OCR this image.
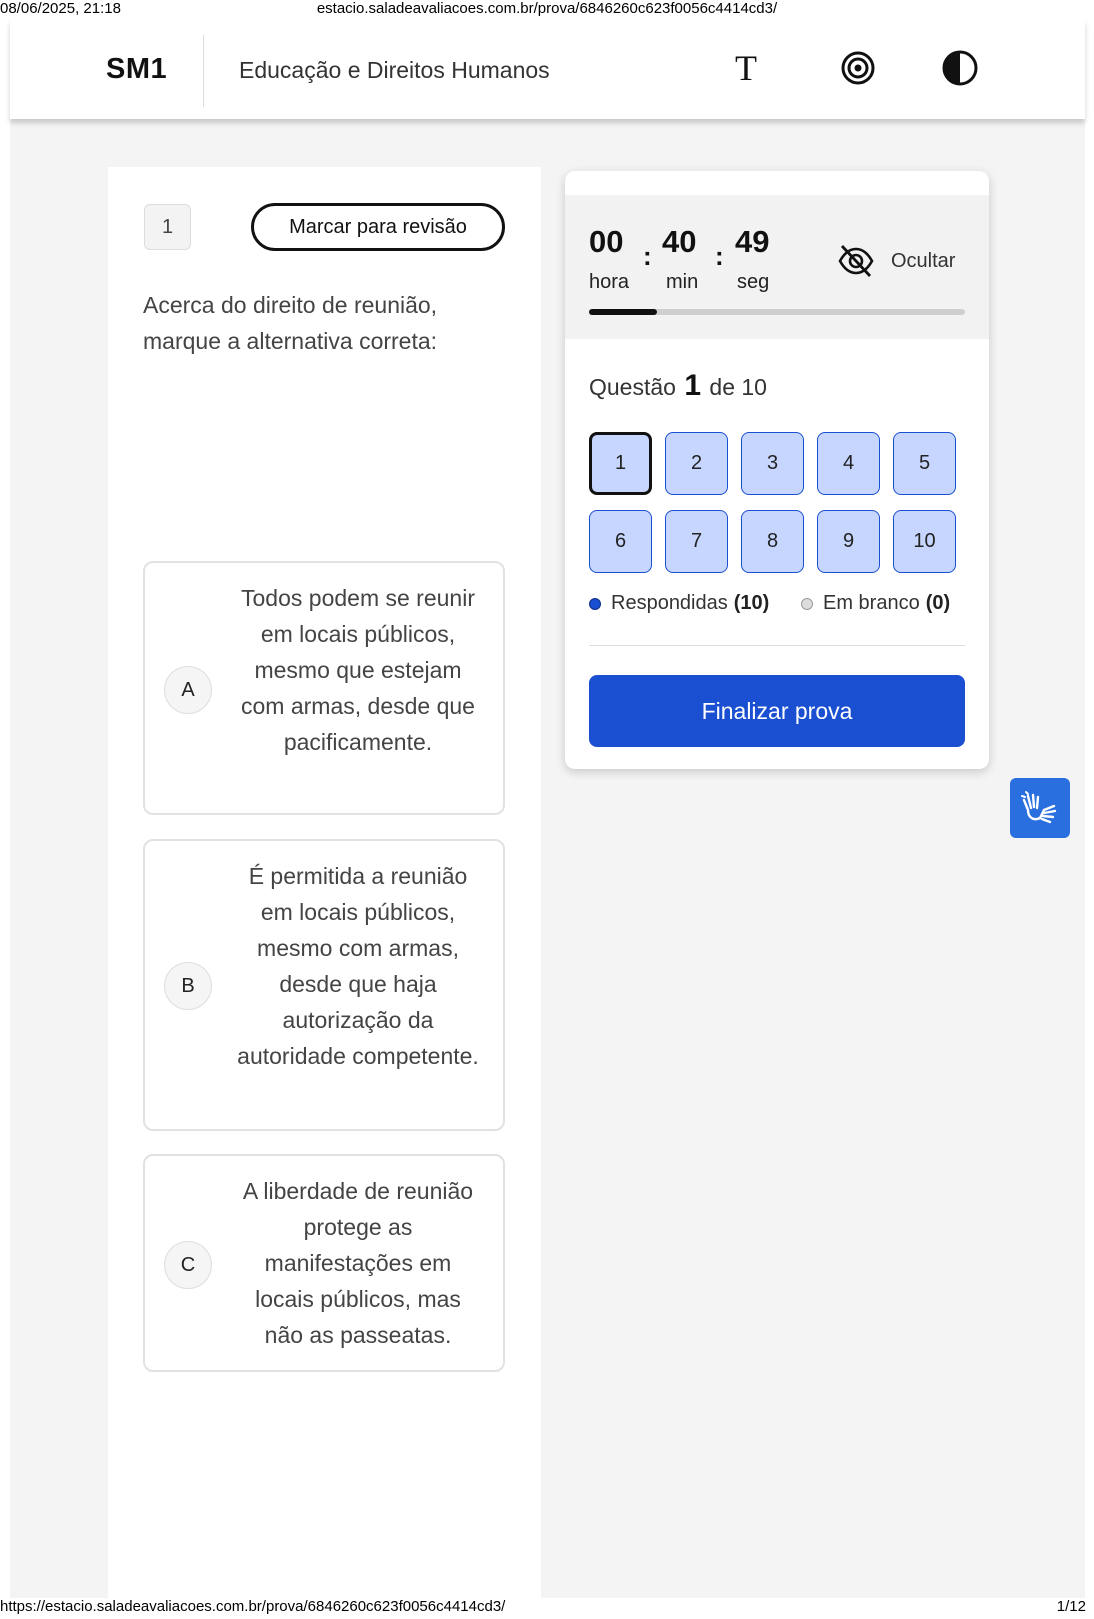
08/06/2025, 21:18	estacio.saladeavaliacoes.com.br/prova/6846260c623f0056c4414cd3/
SM1	Educação e Direitos Humanos	T
1	Marcar para revisão
Acerca do direito de reunião, marque a alternativa correta:
A
Todos podem se reunir em locais públicos, mesmo que estejam com armas, desde que pacificamente.
B
É permitida a reunião em locais públicos, mesmo com armas, desde que haja autorização da autoridade competente.
C
A liberdade de reunião protege as manifestações em locais públicos, mas não as passeatas.
00
hora
: 40
min
: 49
seg
Ocultar
Questão 1 de 10
1	2	3	4	5
6	7	8	9	10
Respondidas (10)	Em branco (0)
Finalizar prova
https://estacio.saladeavaliacoes.com.br/prova/6846260c623f0056c4414cd3/	1/12
